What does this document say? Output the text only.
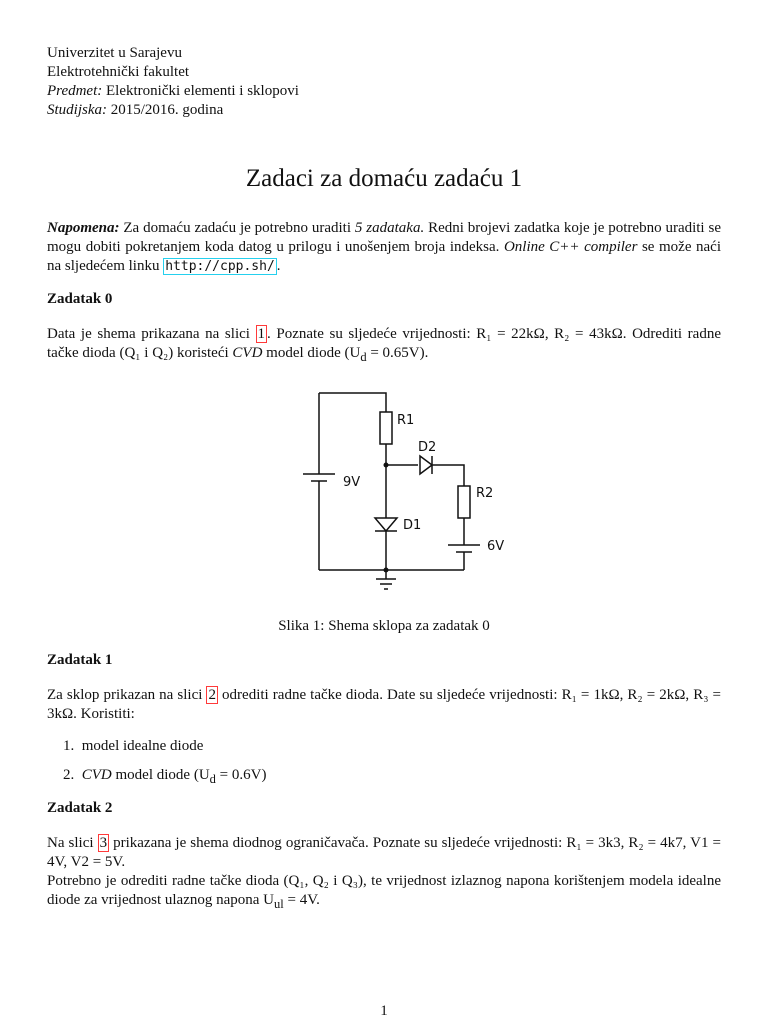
Univerzitet u Sarajevu
Elektrotehnički fakultet
Predmet: Elektronički elementi i sklopovi
Studijska: 2015/2016. godina
Zadaci za domaću zadaću 1
Napomena: Za domaću zadaću je potrebno uraditi 5 zadataka. Redni brojevi zadatka koje je potrebno uraditi se mogu dobiti pokretanjem koda datog u prilogu i unošenjem broja indeksa. Online C++ compiler se može naći na sljedećem linku http://cpp.sh/ .
Zadatak 0
Data je shema prikazana na slici 1 . Poznate su sljedeće vrijednosti: R₁ = 22kΩ, R₂ = 43kΩ. Odrediti radne tačke dioda (Q₁ i Q₂) koristeći CVD model diode $(U_d = 0.65V)$.
R1
D2
9V
R2
D1
6V
Slika 1: Shema sklopa za zadatak 0
Zadatak 1
Za sklop prikazan na slici 2 odrediti radne tačke dioda. Date su sljedeće vrijednosti: R₁ = 1kΩ, R₂ = 2kΩ, R₃ = 3kΩ. Koristiti:
1. model idealne diode
2. CVD model diode $(U_d = 0.6V)$
Zadatak 2
Na slici 3 prikazana je shema diodnog ograničavača. Poznate su sljedeće vrijednosti: R₁ = 3k3, R₂ = 4k7, V1 = 4V, V2 = 5V.
Potrebno je odrediti radne tačke dioda (Q₁, Q₂ i Q₃), te vrijednost izlaznog napona korištenjem modela idealne diode za vrijednost ulaznog napona $U_{ul} = 4V$.
1
